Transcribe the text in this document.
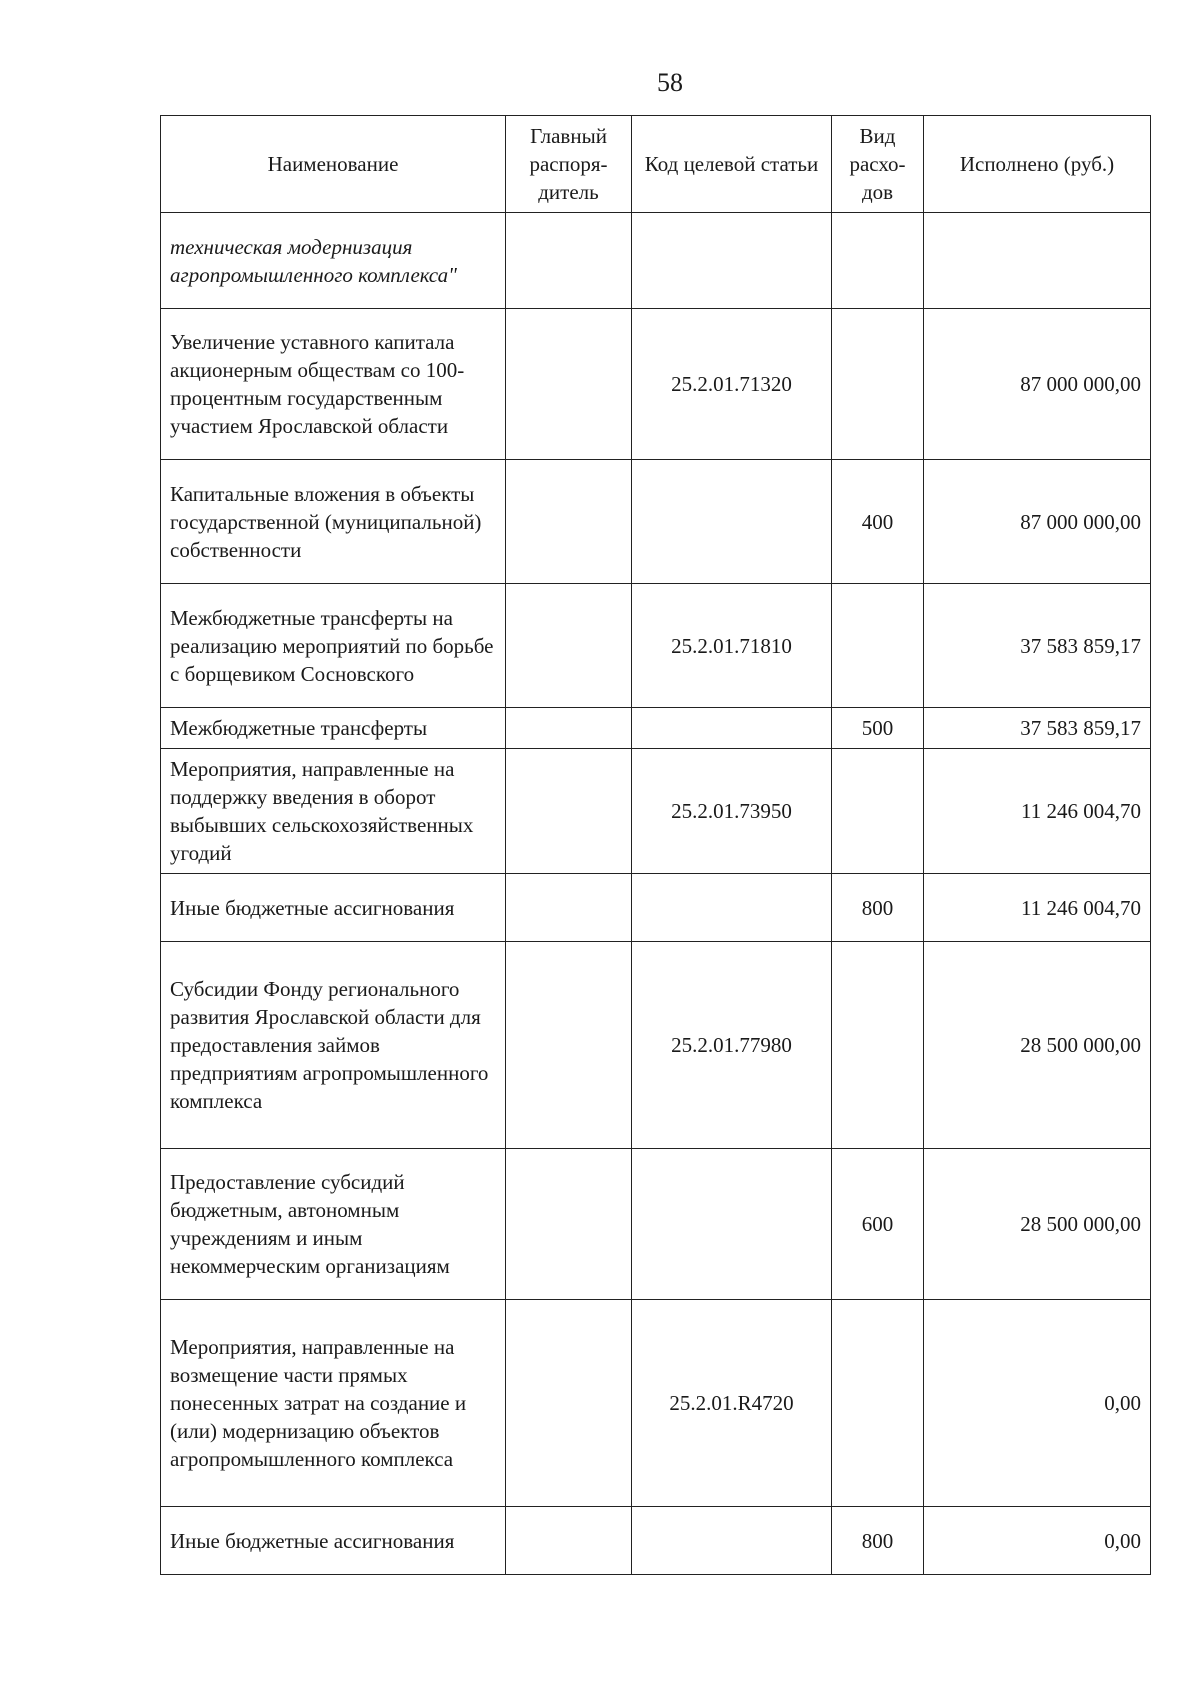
58
Наименование	Главный распоря-дитель	Код целевой статьи	Вид расхо-дов	Исполнено (руб.)
техническая модернизация агропромышленного комплекса"				
Увеличение уставного капитала акционерным обществам со 100-процентным государственным участием Ярославской области		25.2.01.71320		87 000 000,00
Капитальные вложения в объекты государственной (муниципальной) собственности			400	87 000 000,00
Межбюджетные трансферты на реализацию мероприятий по борьбе с борщевиком Сосновского		25.2.01.71810		37 583 859,17
Межбюджетные трансферты			500	37 583 859,17
Мероприятия, направленные на поддержку введения в оборот выбывших сельскохозяйственных угодий		25.2.01.73950		11 246 004,70
Иные бюджетные ассигнования			800	11 246 004,70
Субсидии Фонду регионального развития Ярославской области для предоставления займов предприятиям агропромышленного комплекса		25.2.01.77980		28 500 000,00
Предоставление субсидий бюджетным, автономным учреждениям и иным некоммерческим организациям			600	28 500 000,00
Мероприятия, направленные на возмещение части прямых понесенных затрат на создание и (или) модернизацию объектов агропромышленного комплекса		25.2.01.R4720		0,00
Иные бюджетные ассигнования			800	0,00
